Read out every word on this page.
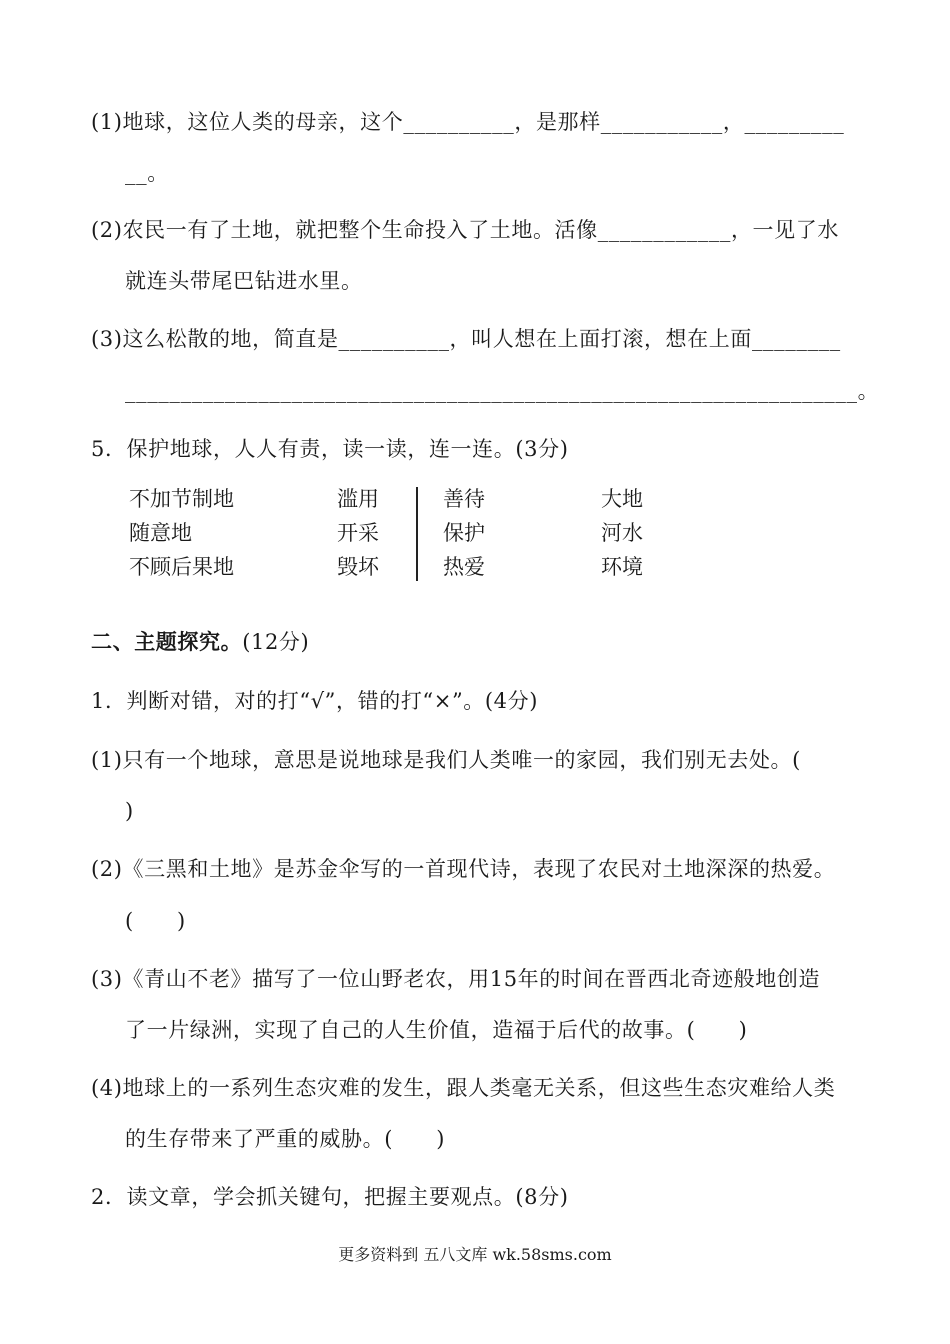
(1)地球，这位人类的母亲，这个__________，是那样___________，_________
__。
(2)农民一有了土地，就把整个生命投入了土地。活像____________，一见了水
就连头带尾巴钻进水里。
(3)这么松散的地，简直是__________，叫人想在上面打滚，想在上面________
__________________________________________________________________。
5．保护地球，人人有责，读一读，连一连。(3分)
不加节制地
随意地
不顾后果地
滥用
开采
毁坏
善待
保护
热爱
大地
河水
环境
二、主题探究。(12分)
1．判断对错，对的打“√”，错的打“×”。(4分)
(1)只有一个地球，意思是说地球是我们人类唯一的家园，我们别无去处。(
)
(2)《三黑和土地》是苏金伞写的一首现代诗，表现了农民对土地深深的热爱。
(　　)
(3)《青山不老》描写了一位山野老农，用15年的时间在晋西北奇迹般地创造
了一片绿洲，实现了自己的人生价值，造福于后代的故事。(　　)
(4)地球上的一系列生态灾难的发生，跟人类毫无关系，但这些生态灾难给人类
的生存带来了严重的威胁。(　　)
2．读文章，学会抓关键句，把握主要观点。(8分)
更多资料到 五八文库 wk.58sms.com
